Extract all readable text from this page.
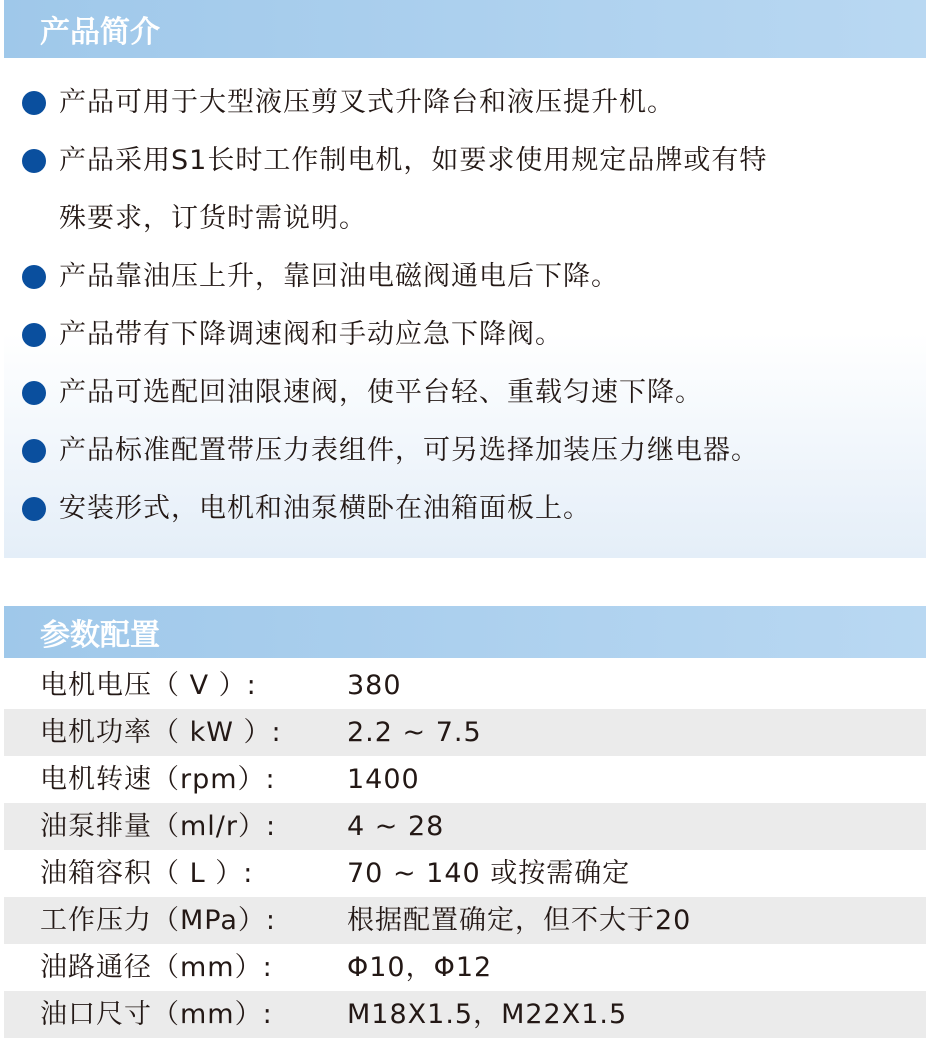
产品简介
产品可用于大型液压剪叉式升降台和液压提升机。
产品采用S1长时工作制电机，如要求使用规定品牌或有特
殊要求，订货时需说明。
产品靠油压上升，靠回油电磁阀通电后下降。
产品带有下降调速阀和手动应急下降阀。
产品可选配回油限速阀，使平台轻、重载匀速下降。
产品标准配置带压力表组件，可另选择加装压力继电器。
安装形式，电机和油泵横卧在油箱面板上。
参数配置
电机电压（ V ）:	380
电机功率（ kW ）: 2.2 ~ 7.5
电机转速（rpm）:	1400
油泵排量（ml/r）:	4 ~ 28
油箱容积（ L ）:	70 ~ 140 或按需确定
工作压力（MPa）:	根据配置确定，但不大于20
油路通径（mm）:	Φ10，Φ12
油口尺寸（mm）:	M18X1.5，M22X1.5
